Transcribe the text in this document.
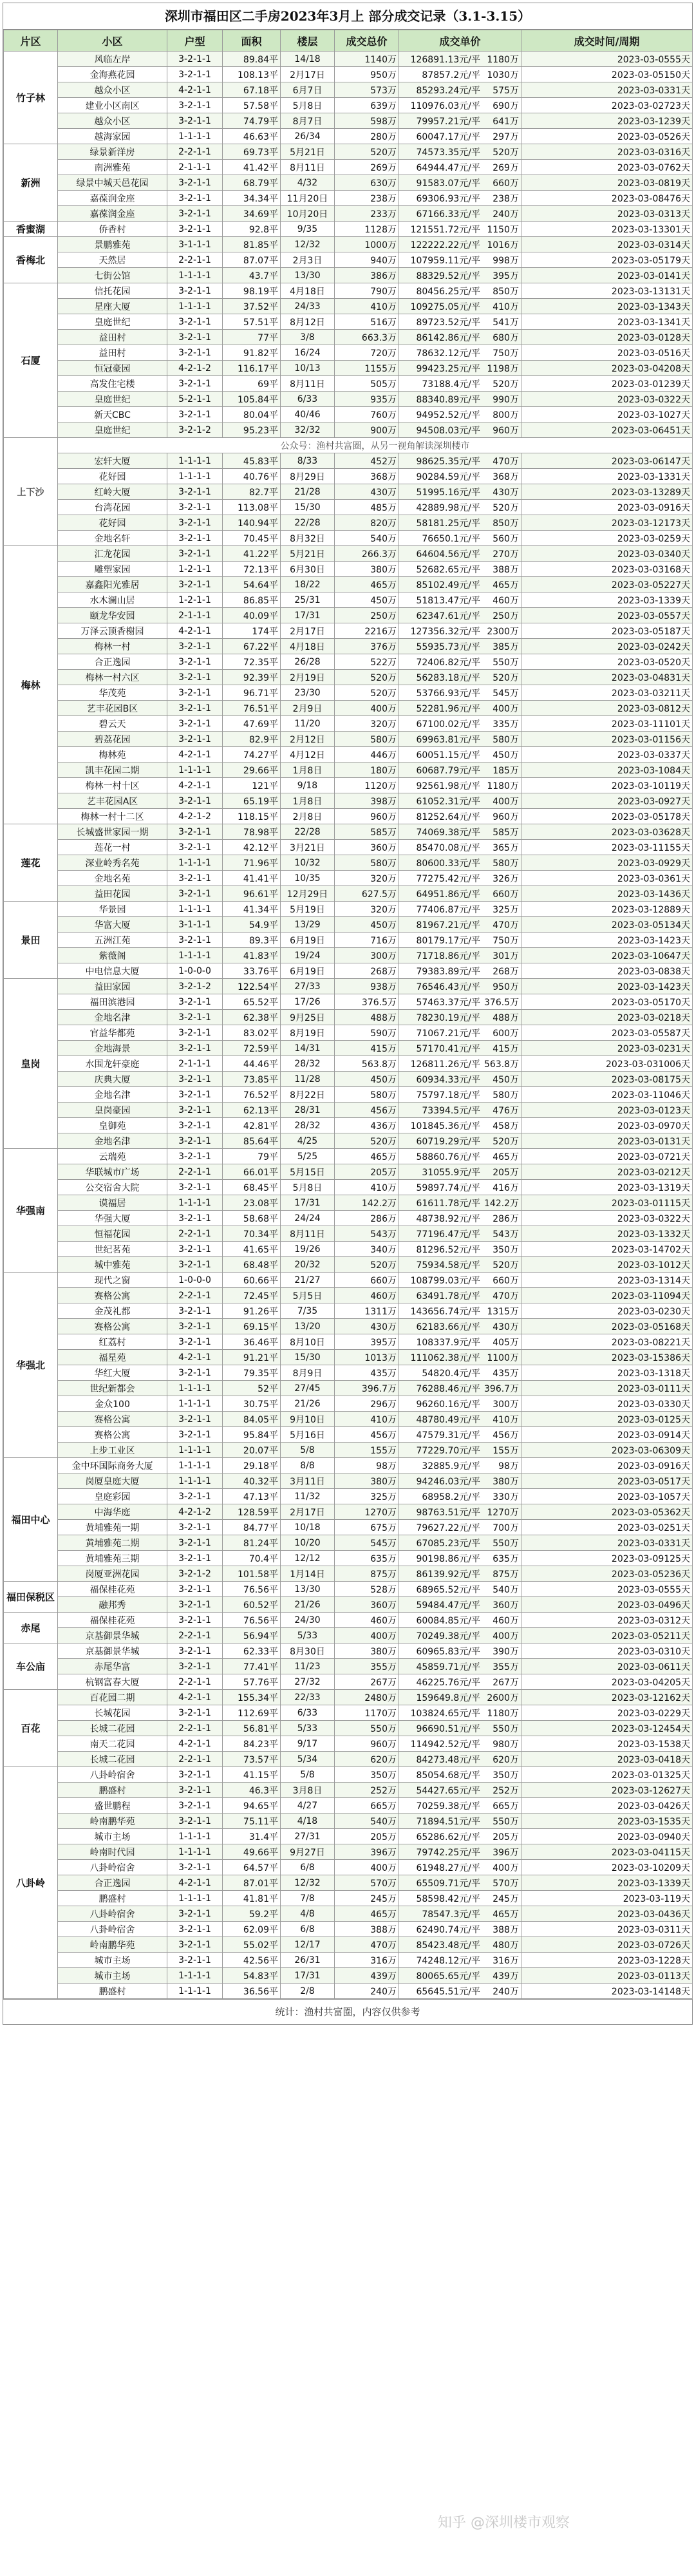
深圳市福田区二手房2023年3月上 部分成交记录（3.1-3.15）
片区	小区	户型	面积	楼层	成交总价	成交单价	成交时间/周期
竹子林	风临左岸	3-2-1-1	89.84平	14/18	1140万	126891.13元/平 1180万	2023-03-0555天
	金海燕花园	3-2-1-1	108.13平	2月17日	950万	87857.2元/平 1030万	2023-03-05150天
	越众小区	4-2-1-1	67.18平	6月7日	573万	85293.24元/平 575万	2023-03-0331天
	建业小区南区	3-2-1-1	57.58平	5月8日	639万	110976.03元/平 690万	2023-03-02723天
	越众小区	3-2-1-1	74.79平	8月7日	598万	79957.21元/平 641万	2023-03-1239天
	越海家园	1-1-1-1	46.63平	26/34	280万	60047.17元/平 297万	2023-03-0526天
新洲	绿景新洋房	2-2-1-1	69.73平	5月21日	520万	74573.35元/平 520万	2023-03-0316天
	南洲雅苑	2-1-1-1	41.42平	8月11日	269万	64944.47元/平 269万	2023-03-0762天
	绿景中城天邑花园	3-2-1-1	68.79平	4/32	630万	91583.07元/平 660万	2023-03-0819天
	嘉葆润金座	3-2-1-1	34.34平	11月20日	238万	69306.93元/平 238万	2023-03-08476天
	嘉葆润金座	3-2-1-1	34.69平	10月20日	233万	67166.33元/平 240万	2023-03-0313天
香蜜湖	侨香村	3-2-1-1	92.8平	9/35	1128万	121551.72元/平 1150万	2023-03-13301天
香梅北	景鹏雅苑	3-1-1-1	81.85平	12/32	1000万	122222.22元/平 1016万	2023-03-0314天
	天然居	2-2-1-1	87.07平	2月3日	940万	107959.11元/平 998万	2023-03-05179天
	七街公馆	1-1-1-1	43.7平	13/30	386万	88329.52元/平 395万	2023-03-0141天
石厦	信托花园	3-2-1-1	98.19平	4月18日	790万	80456.25元/平 850万	2023-03-13131天
	星座大厦	1-1-1-1	37.52平	24/33	410万	109275.05元/平 410万	2023-03-1343天
	皇庭世纪	3-2-1-1	57.51平	8月12日	516万	89723.52元/平 541万	2023-03-1341天
	益田村	3-2-1-1	77平	3/8	663.3万	86142.86元/平 680万	2023-03-0128天
	益田村	3-2-1-1	91.82平	16/24	720万	78632.12元/平 750万	2023-03-0516天
	恒冠豪园	4-2-1-2	116.17平	10/13	1155万	99423.25元/平 1198万	2023-03-04208天
	高发住宅楼	3-2-1-1	69平	8月11日	505万	73188.4元/平 520万	2023-03-01239天
	皇庭世纪	5-2-1-1	105.84平	6/33	935万	88340.89元/平 990万	2023-03-0322天
	新天CBC	3-2-1-1	80.04平	40/46	760万	94952.52元/平 800万	2023-03-1027天
	皇庭世纪	3-2-1-2	95.23平	32/32	900万	94508.03元/平 960万	2023-03-06451天
上下沙	公众号：渔村共富圈，从另一视角解读深圳楼市						
	宏轩大厦	1-1-1-1	45.83平	8/33	452万	98625.35元/平 470万	2023-03-06147天
	花好园	1-1-1-1	40.76平	8月29日	368万	90284.59元/平 368万	2023-03-1331天
	红岭大厦	3-2-1-1	82.7平	21/28	430万	51995.16元/平 430万	2023-03-13289天
	台湾花园	3-2-1-1	113.08平	15/30	485万	42889.98元/平 520万	2023-03-0916天
	花好园	3-2-1-1	140.94平	22/28	820万	58181.25元/平 850万	2023-03-12173天
	金地名轩	3-2-1-1	70.45平	8月32日	540万	76650.1元/平 560万	2023-03-0259天
梅林	汇龙花园	3-2-1-1	41.22平	5月21日	266.3万	64604.56元/平 270万	2023-03-0340天
	雕塑家园	1-2-1-1	72.13平	6月30日	380万	52682.65元/平 388万	2023-03-03168天
	嘉鑫阳光雅居	3-2-1-1	54.64平	18/22	465万	85102.49元/平 465万	2023-03-05227天
	水木澜山居	1-2-1-1	86.85平	25/31	450万	51813.47元/平 460万	2023-03-1339天
	颐龙华安园	2-1-1-1	40.09平	17/31	250万	62347.61元/平 250万	2023-03-0557天
	万泽云顶香榭园	4-2-1-1	174平	2月17日	2216万	127356.32元/平 2300万	2023-03-05187天
	梅林一村	3-2-1-1	67.22平	4月18日	376万	55935.73元/平 385万	2023-03-0242天
	合正逸园	3-2-1-1	72.35平	26/28	522万	72406.82元/平 550万	2023-03-0520天
	梅林一村六区	3-2-1-1	92.39平	2月19日	520万	56283.18元/平 520万	2023-03-04831天
	华茂苑	3-2-1-1	96.71平	23/30	520万	53766.93元/平 545万	2023-03-03211天
	艺丰花园B区	3-2-1-1	76.51平	2月9日	400万	52281.96元/平 400万	2023-03-0812天
	碧云天	3-2-1-1	47.69平	11/20	320万	67100.02元/平 335万	2023-03-11101天
	碧荔花园	3-2-1-1	82.9平	2月12日	580万	69963.81元/平 580万	2023-03-01156天
	梅林苑	4-2-1-1	74.27平	4月12日	446万	60051.15元/平 450万	2023-03-0337天
	凯丰花园二期	1-1-1-1	29.66平	1月8日	180万	60687.79元/平 185万	2023-03-1084天
	梅林一村十区	4-2-1-1	121平	9/18	1120万	92561.98元/平 1180万	2023-03-10119天
	艺丰花园A区	3-2-1-1	65.19平	1月8日	398万	61052.31元/平 400万	2023-03-0927天
	梅林一村十二区	4-2-1-2	118.15平	2月8日	960万	81252.64元/平 960万	2023-03-05178天
莲花	长城盛世家园一期	3-2-1-1	78.98平	22/28	585万	74069.38元/平 585万	2023-03-03628天
	莲花一村	3-2-1-1	42.12平	3月21日	360万	85470.08元/平 365万	2023-03-11155天
	深业岭秀名苑	1-1-1-1	71.96平	10/32	580万	80600.33元/平 580万	2023-03-0929天
	金地名苑	3-2-1-1	41.41平	10/35	320万	77275.42元/平 326万	2023-03-0361天
	益田花园	3-2-1-1	96.61平	12月29日	627.5万	64951.86元/平 660万	2023-03-1436天
景田	华景园	1-1-1-1	41.34平	5月19日	320万	77406.87元/平 325万	2023-03-12889天
	华富大厦	3-1-1-1	54.9平	13/29	450万	81967.21元/平 470万	2023-03-05134天
	五洲江苑	3-2-1-1	89.3平	6月19日	716万	80179.17元/平 750万	2023-03-1423天
	紫薇阁	1-1-1-1	41.83平	19/24	300万	71718.86元/平 301万	2023-03-10647天
	中电信息大厦	1-0-0-0	33.76平	6月19日	268万	79383.89元/平 268万	2023-03-0838天
皇岗	益田家园	3-2-1-2	122.54平	27/33	938万	76546.43元/平 950万	2023-03-1423天
	福田滨港园	3-2-1-1	65.52平	17/26	376.5万	57463.37元/平 376.5万	2023-03-05170天
	金地名津	3-2-1-1	62.38平	9月25日	488万	78230.19元/平 488万	2023-03-0218天
	官益华都苑	3-2-1-1	83.02平	8月19日	590万	71067.21元/平 600万	2023-03-05587天
	金地海景	3-2-1-1	72.59平	14/31	415万	57170.41元/平 415万	2023-03-0231天
	水围龙轩豪庭	2-1-1-1	44.46平	28/32	563.8万	126811.26元/平 563.8万	2023-03-031006天
	庆典大厦	3-2-1-1	73.85平	11/28	450万	60934.33元/平 450万	2023-03-08175天
	金地名津	3-2-1-1	76.52平	8月22日	580万	75797.18元/平 580万	2023-03-11046天
	皇岗豪园	3-2-1-1	62.13平	28/31	456万	73394.5元/平 476万	2023-03-0123天
	皇御苑	3-2-1-1	42.81平	28/32	436万	101845.36元/平 458万	2023-03-0970天
	金地名津	3-2-1-1	85.64平	4/25	520万	60719.29元/平 520万	2023-03-0131天
华强南	云瑞苑	3-2-1-1	79平	5/25	465万	58860.76元/平 465万	2023-03-0721天
	华联城市广场	2-2-1-1	66.01平	5月15日	205万	31055.9元/平 205万	2023-03-0212天
	公交宿舍大院	3-2-1-1	68.45平	5月8日	410万	59897.74元/平 416万	2023-03-1319天
	谟福居	1-1-1-1	23.08平	17/31	142.2万	61611.78元/平 142.2万	2023-03-01115天
	华强大厦	3-2-1-1	58.68平	24/24	286万	48738.92元/平 286万	2023-03-0322天
	恒福花园	2-2-1-1	70.34平	8月11日	543万	77196.47元/平 543万	2023-03-1332天
	世纪茗苑	3-2-1-1	41.65平	19/26	340万	81296.52元/平 350万	2023-03-14702天
	城中雅苑	3-2-1-1	68.48平	20/32	520万	75934.58元/平 520万	2023-03-1012天
华强北	现代之窗	1-0-0-0	60.66平	21/27	660万	108799.03元/平 660万	2023-03-1314天
	赛格公寓	2-2-1-1	72.45平	5月5日	460万	63491.78元/平 470万	2023-03-11094天
	金茂礼都	3-2-1-1	91.26平	7/35	1311万	143656.74元/平 1315万	2023-03-0230天
	赛格公寓	3-2-1-1	69.15平	13/20	430万	62183.66元/平 430万	2023-03-05168天
	红荔村	3-2-1-1	36.46平	8月10日	395万	108337.9元/平 405万	2023-03-08221天
	福星苑	4-2-1-1	91.21平	15/30	1013万	111062.38元/平 1100万	2023-03-15386天
	华红大厦	3-2-1-1	79.35平	8月9日	435万	54820.4元/平 435万	2023-03-1318天
	世纪新都会	1-1-1-1	52平	27/45	396.7万	76288.46元/平 396.7万	2023-03-0111天
	金众100	1-1-1-1	30.75平	21/26	296万	96260.16元/平 300万	2023-03-0330天
	赛格公寓	3-2-1-1	84.05平	9月10日	410万	48780.49元/平 410万	2023-03-0125天
	赛格公寓	3-2-1-1	95.84平	5月16日	456万	47579.31元/平 456万	2023-03-0914天
	上步工业区	1-1-1-1	20.07平	5/8	155万	77229.70元/平 155万	2023-03-06309天
福田中心	金中环国际商务大厦	1-1-1-1	29.18平	8/8	98万	32885.9元/平 98万	2023-03-0916天
	岗厦皇庭大厦	1-1-1-1	40.32平	3月11日	380万	94246.03元/平 380万	2023-03-0517天
	皇庭彩园	3-2-1-1	47.13平	11/32	325万	68958.2元/平 330万	2023-03-1057天
	中海华庭	4-2-1-2	128.59平	2月17日	1270万	98763.51元/平 1270万	2023-03-05362天
	黄埔雅苑一期	3-2-1-1	84.77平	10/18	675万	79627.22元/平 700万	2023-03-0251天
	黄埔雅苑二期	3-2-1-1	81.24平	10/20	545万	67085.23元/平 550万	2023-03-0331天
	黄埔雅苑三期	3-2-1-1	70.4平	12/12	635万	90198.86元/平 635万	2023-03-09125天
	岗厦亚洲花园	3-2-1-2	101.58平	1月14日	875万	86139.92元/平 875万	2023-03-05236天
福田保税区	福保桂花苑	3-2-1-1	76.56平	13/30	528万	68965.52元/平 540万	2023-03-0555天
	融邦秀	3-2-1-1	60.52平	21/26	360万	59484.47元/平 360万	2023-03-0496天
赤尾	福保桂花苑	3-2-1-1	76.56平	24/30	460万	60084.85元/平 460万	2023-03-0312天
	京基御景华城	2-2-1-1	56.94平	5/33	400万	70249.38元/平 400万	2023-03-05211天
车公庙	京基御景华城	3-2-1-1	62.33平	8月30日	380万	60965.83元/平 390万	2023-03-0310天
	赤尾华富	3-2-1-1	77.41平	11/23	355万	45859.71元/平 355万	2023-03-0611天
	杭钢富春大厦	2-2-1-1	57.76平	27/32	267万	46225.76元/平 267万	2023-03-04205天
百花	百花园二期	4-2-1-1	155.34平	22/33	2480万	159649.8元/平 2600万	2023-03-12162天
	长城花园	3-2-1-1	112.69平	6/33	1170万	103824.65元/平 1180万	2023-03-0229天
	长城二花园	2-2-1-1	56.81平	5/33	550万	96690.51元/平 550万	2023-03-12454天
	南天二花园	4-2-1-1	84.23平	9/17	960万	114942.52元/平 980万	2023-03-1538天
	长城二花园	2-2-1-1	73.57平	5/34	620万	84273.48元/平 620万	2023-03-0418天
八卦岭	八卦岭宿舍	3-2-1-1	41.15平	5/8	350万	85054.68元/平 350万	2023-03-01325天
	鹏盛村	3-2-1-1	46.3平	3月8日	252万	54427.65元/平 252万	2023-03-12627天
	盛世鹏程	3-2-1-1	94.65平	4/27	665万	70259.38元/平 665万	2023-03-0426天
	岭南鹏华苑	3-2-1-1	75.11平	4/18	540万	71894.51元/平 550万	2023-03-1535天
	城市主场	1-1-1-1	31.4平	27/31	205万	65286.62元/平 205万	2023-03-0940天
	岭南时代园	1-1-1-1	49.66平	9月27日	396万	79742.25元/平 396万	2023-03-04115天
	八卦岭宿舍	3-2-1-1	64.57平	6/8	400万	61948.27元/平 400万	2023-03-10209天
	合正逸园	4-2-1-1	87.01平	12/32	570万	65509.71元/平 570万	2023-03-1339天
	鹏盛村	1-1-1-1	41.81平	7/8	245万	58598.42元/平 245万	2023-03-119天
	八卦岭宿舍	3-2-1-1	59.2平	4/8	465万	78547.3元/平 465万	2023-03-0436天
	八卦岭宿舍	3-2-1-1	62.09平	6/8	388万	62490.74元/平 388万	2023-03-0311天
	岭南鹏华苑	3-2-1-1	55.02平	12/17	470万	85423.48元/平 480万	2023-03-0726天
	城市主场	3-2-1-1	42.56平	26/31	316万	74248.12元/平 316万	2023-03-1228天
	城市主场	1-1-1-1	54.83平	17/31	439万	80065.65元/平 439万	2023-03-0113天
	鹏盛村	1-1-1-1	36.56平	2/8	240万	65645.51元/平 240万	2023-03-14148天
统计：渔村共富圈，内容仅供参考
知乎 @深圳楼市观察
